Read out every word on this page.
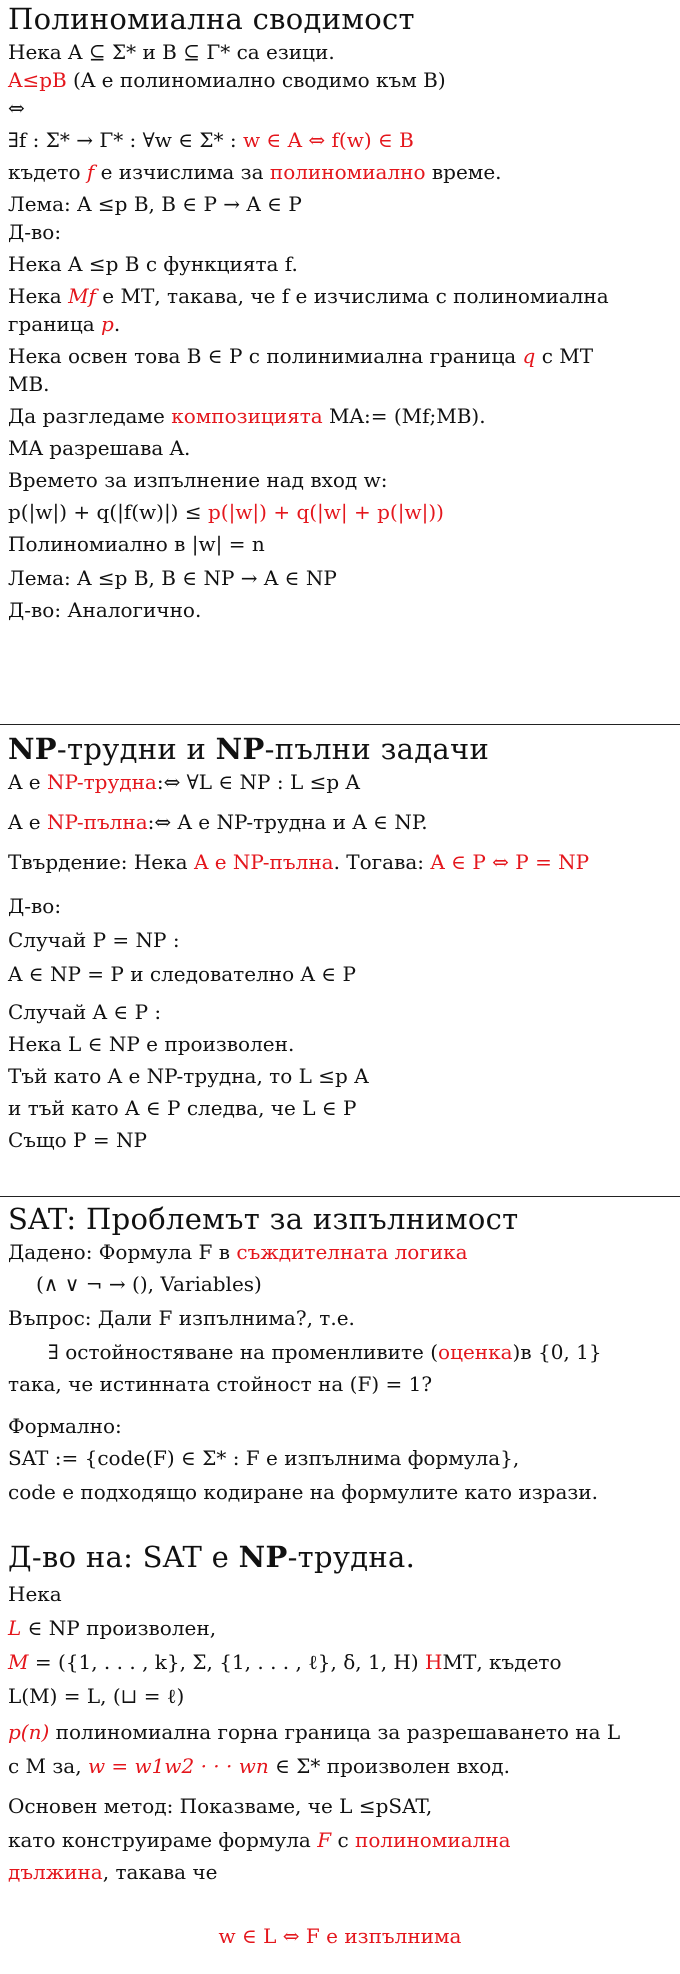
Полиномиална сводимост
Нека A ⊆ Σ* и B ⊆ Γ* са езици.
A≤pB (A е полиномиално сводимо към B)
⇔
∃f : Σ* → Γ* : ∀w ∈ Σ* : w ∈ A ⇔ f(w) ∈ B
където f е изчислима за полиномиално време.
Лема: A ≤p B, B ∈ P → A ∈ P
Д-во:
Нека A ≤p B с функцията f.
Нека Mf е МТ, такава, че f е изчислима с полиномиална
граница p.
Нека освен това B ∈ P с полинимиална граница q с МТ
MB.
Да разгледаме композицията MA:= (Mf;MB).
MA разрешава A.
Времето за изпълнение над вход w:
p(|w|) + q(|f(w)|) ≤ p(|w|) + q(|w| + p(|w|))
Полиномиално в |w| = n
Лема: A ≤p B, B ∈ NP → A ∈ NP
Д-во: Аналогично.
NP-трудни и NP-пълни задачи
A е NP-трудна:⇔ ∀L ∈ NP : L ≤p A
A е NP-пълна:⇔ A е NP-трудна и A ∈ NP.
Твърдение: Нека A е NP-пълна. Тогава: A ∈ P ⇔ P = NP
Д-во:
Случай P = NP :
A ∈ NP = P и следователно A ∈ P
Случай A ∈ P :
Нека L ∈ NP е произволен.
Тъй като A е NP-трудна, то L ≤p A
и тъй като A ∈ P следва, че L ∈ P
Също P = NP
SAT: Проблемът за изпълнимост
Дадено: Формула F в съждителната логика
(∧ ∨ ¬ → (), Variables)
Въпрос: Дали F изпълнима?, т.е.
∃ остойностяване на променливите (оценка)в {0, 1}
така, че истинната стойност на (F) = 1?
Формално:
SAT := {code(F) ∈ Σ* : F е изпълнима формула},
code е подходящо кодиране на формулите като изрази.
Д-во на: SAT е NP-трудна.
Нека
L ∈ NP произволен,
M = ({1, . . . , k}, Σ, {1, . . . , ℓ}, δ, 1, H) НМТ, където
L(M) = L, (⊔ = ℓ)
p(n) полиномиална горна граница за разрешаването на L
с M за, w = w1w2 · · · wn ∈ Σ* произволен вход.
Основен метод: Показваме, че L ≤pSAT,
като конструираме формула F с полиномиална
дължина, такава че
w ∈ L ⇔ F е изпълнима
